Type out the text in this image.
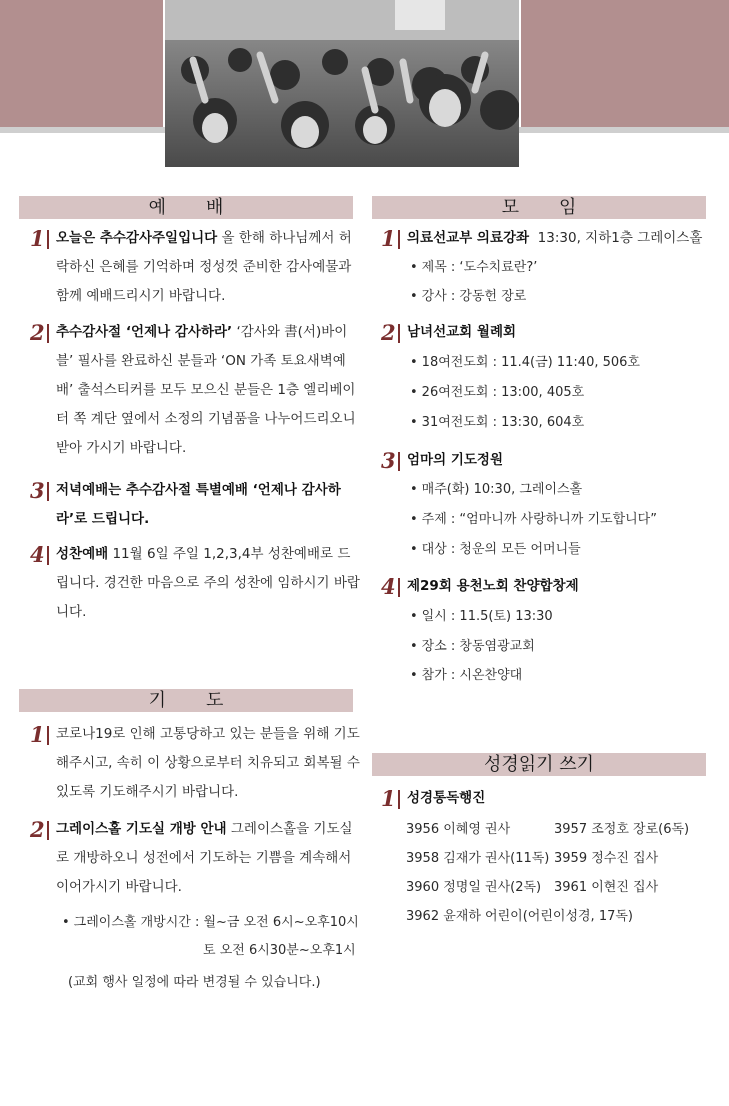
예배
1 오늘은 추수감사주일입니다 올 한해 하나님께서 허락하신 은혜를 기억하며 정성껏 준비한 감사예물과 함께 예배드리시기 바랍니다.
2 추수감사절 ‘언제나 감사하라’ ‘감사와 書(서)바이블’ 필사를 완료하신 분들과 ‘ON 가족 토요새벽예배’ 출석스티커를 모두 모으신 분들은 1층 엘리베이터 쪽 계단 옆에서 소정의 기념품을 나누어드리오니 받아 가시기 바랍니다.
3 저녁예배는 추수감사절 특별예배 ‘언제나 감사하라’로 드립니다.
4 성찬예배 11월 6일 주일 1,2,3,4부 성찬예배로 드립니다. 경건한 마음으로 주의 성찬에 임하시기 바랍니다.
기도
1 코로나19로 인해 고통당하고 있는 분들을 위해 기도해주시고, 속히 이 상황으로부터 치유되고 회복될 수 있도록 기도해주시기 바랍니다.
2 그레이스홀 기도실 개방 안내 그레이스홀을 기도실로 개방하오니 성전에서 기도하는 기쁨을 계속해서 이어가시기 바랍니다.
• 그레이스홀 개방시간 : 월~금 오전 6시~오후10시
토 오전 6시30분~오후1시
(교회 행사 일정에 따라 변경될 수 있습니다.)
모임
1 의료선교부 의료강좌 13:30, 지하1층 그레이스홀
• 제목 : ‘도수치료란?’
• 강사 : 강동헌 장로
2 남녀선교회 월례회
• 18여전도회 : 11.4(금) 11:40, 506호
• 26여전도회 : 13:00, 405호
• 31여전도회 : 13:30, 604호
3 엄마의 기도정원
• 매주(화) 10:30, 그레이스홀
• 주제 : “엄마니까 사랑하니까 기도합니다”
• 대상 : 청운의 모든 어머니들
4 제29회 용천노회 찬양합창제
• 일시 : 11.5(토) 13:30
• 장소 : 창동염광교회
• 참가 : 시온찬양대
성경읽기 쓰기
1 성경통독행진
3956 이혜영 권사	3957 조정호 장로(6독)
3958 김재가 권사(11독) 3959 정수진 집사
3960 정명일 권사(2독) 3961 이현진 집사
3962 윤재하 어린이(어린이성경, 17독)
